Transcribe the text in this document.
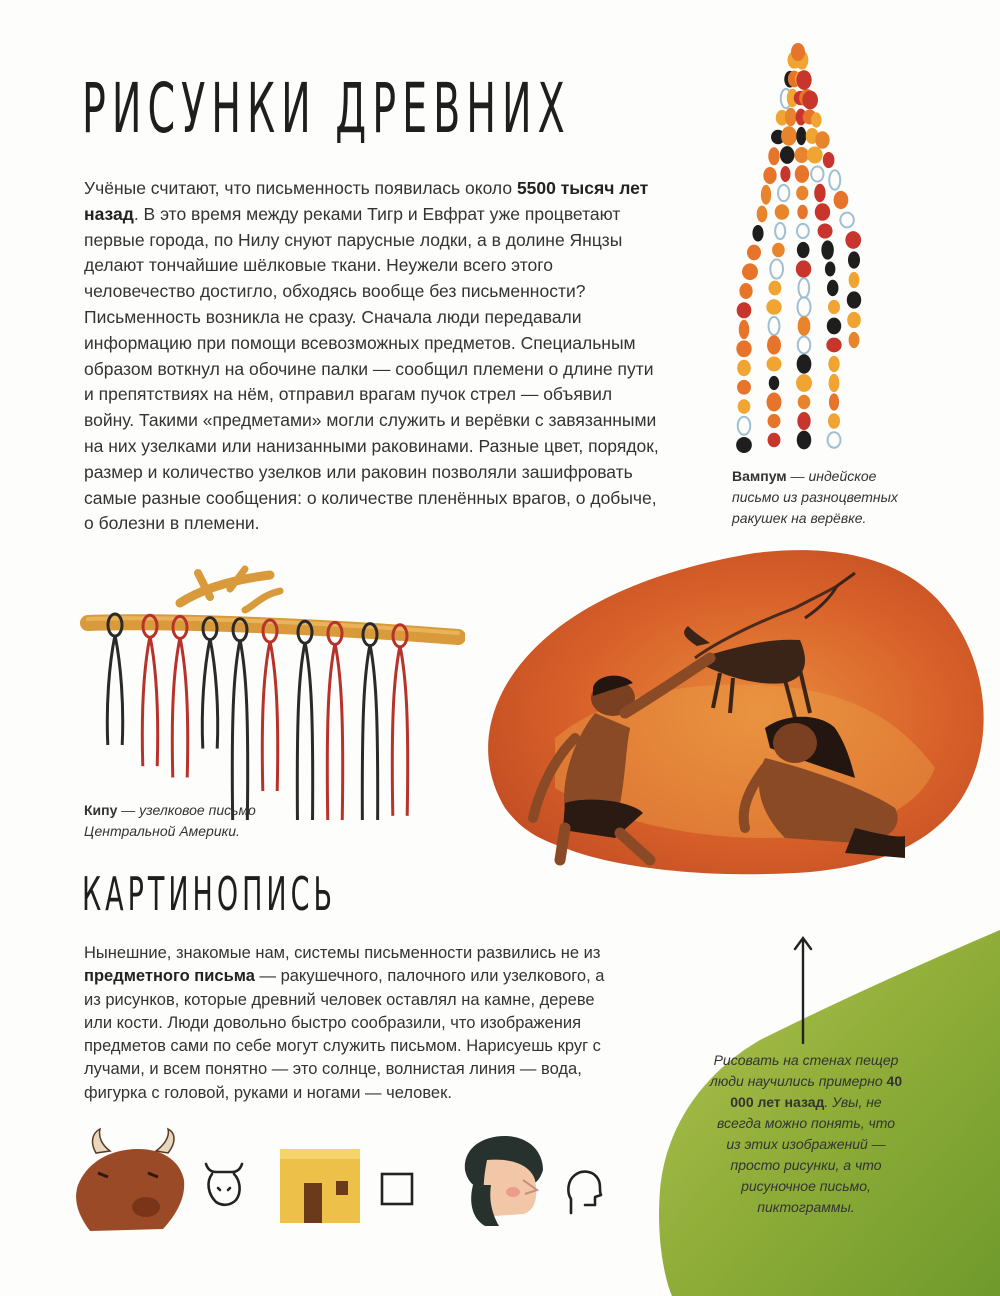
РИСУНКИ ДРЕВНИХ
Учёные считают, что письменность появилась около 5500 тысяч лет назад. В это время между реками Тигр и Евфрат уже процветают первые города, по Нилу снуют парусные лодки, а в долине Янцзы делают тончайшие шёлковые ткани. Неужели всего этого человечество достигло, обходясь вообще без письменности? Письменность возникла не сразу. Сначала люди передавали информацию при помощи всевозможных предметов. Специальным образом воткнул на обочине палки — сообщил племени о длине пути и препятствиях на нём, отправил врагам пучок стрел — объявил войну. Такими «предметами» могли служить и верёвки с завязанными на них узелками или нанизанными раковинами. Разные цвет, порядок, размер и количество узелков или раковин позволяли зашифровать самые разные сообщения: о количестве пленённых врагов, о добыче, о болезни в племени.
Вампум — индейское письмо из разноцветных ракушек на верёвке.
Кипу — узелковое письмо Центральной Америки.
Рисовать на стенах пещер люди научились примерно 40 000 лет назад. Увы, не всегда можно понять, что из этих изображений — просто рисунки, а что рисуночное письмо, пиктограммы.
КАРТИНОПИСЬ
Нынешние, знакомые нам, системы письменности развились не из предметного письма — ракушечного, палочного или узелкового, а из рисунков, которые древний человек оставлял на камне, дереве или кости. Люди довольно быстро сообразили, что изображения предметов сами по себе могут служить письмом. Нарисуешь круг с лучами, и всем понятно — это солнце, волнистая линия — вода, фигурка с головой, руками и ногами — человек.
